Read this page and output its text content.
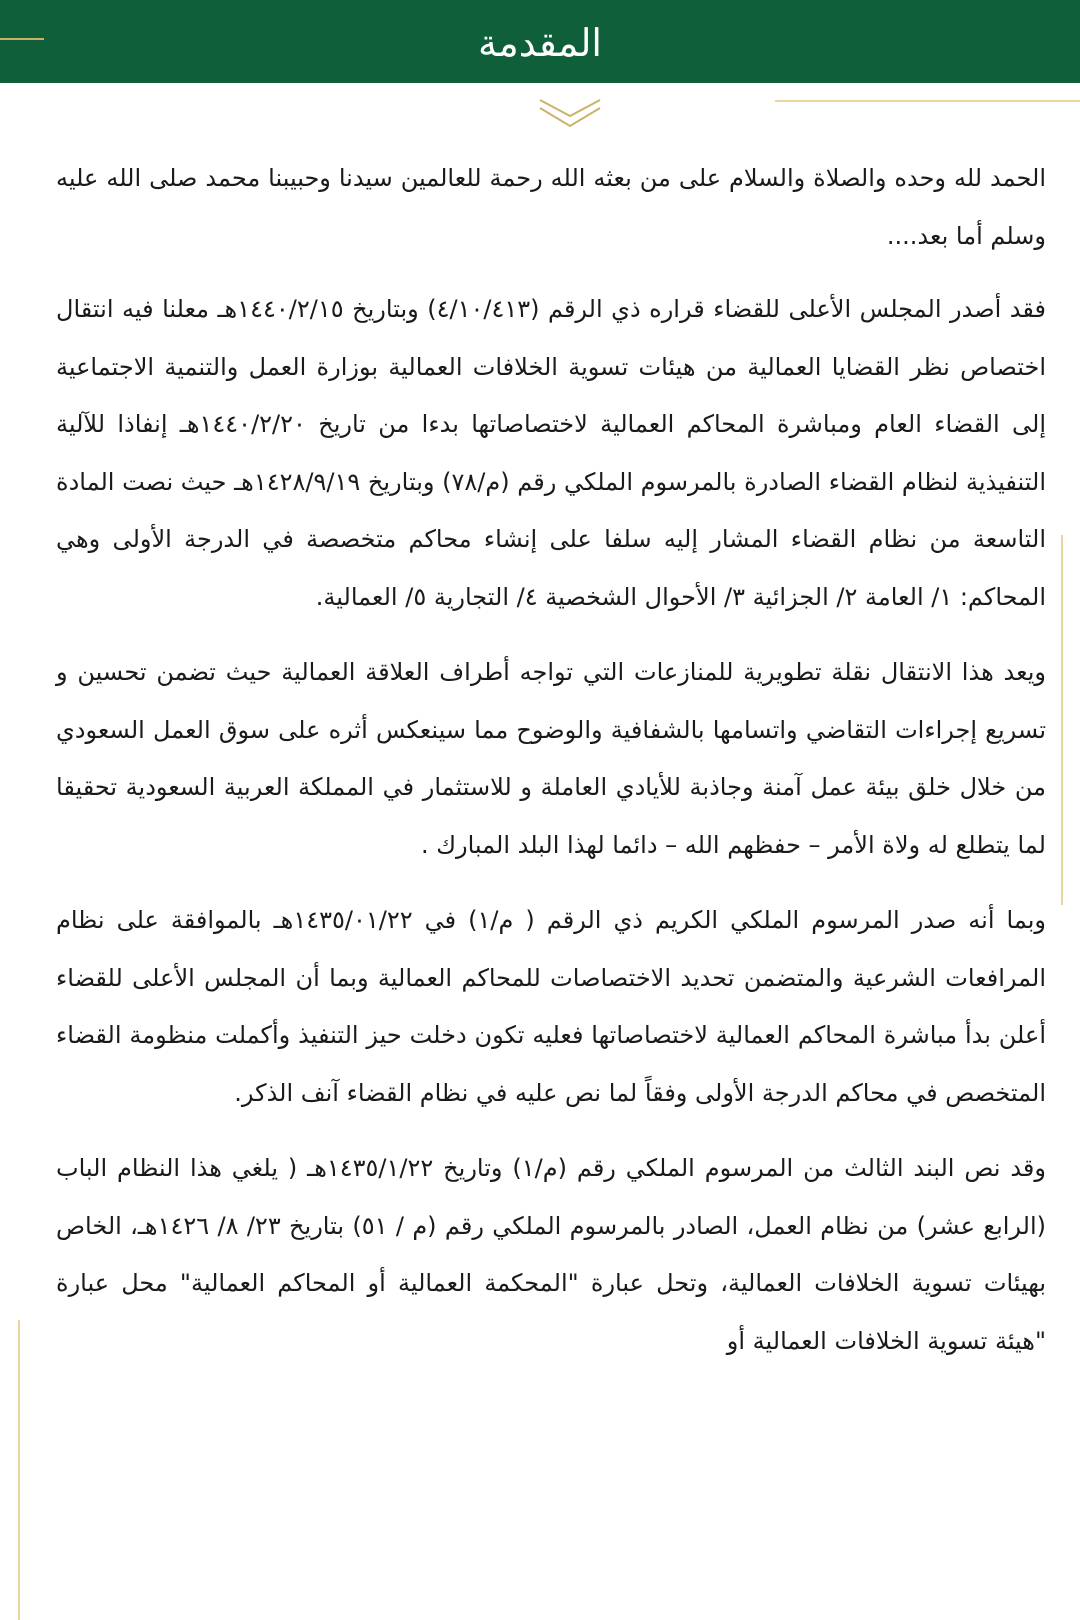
المقدمة

الحمد لله وحده والصلاة والسلام على من بعثه الله رحمة للعالمين سيدنا وحبيبنا محمد صلى الله عليه وسلم أما بعد....

فقد أصدر المجلس الأعلى للقضاء قراره ذي الرقم (٤/١٠/٤١٣) وبتاريخ ١٤٤٠/٢/١٥هـ معلنا فيه انتقال اختصاص نظر القضايا العمالية من هيئات تسوية الخلافات العمالية بوزارة العمل والتنمية الاجتماعية إلى القضاء العام ومباشرة المحاكم العمالية لاختصاصاتها بدءا من تاريخ ١٤٤٠/٢/٢٠هـ إنفاذا للآلية التنفيذية لنظام القضاء الصادرة بالمرسوم الملكي رقم (م/٧٨) وبتاريخ ١٤٢٨/٩/١٩هـ حيث نصت المادة التاسعة من نظام القضاء المشار إليه سلفا على إنشاء محاكم متخصصة في الدرجة الأولى وهي المحاكم: ١/ العامة ٢/ الجزائية ٣/ الأحوال الشخصية ٤/ التجارية ٥/ العمالية.

ويعد هذا الانتقال نقلة تطويرية للمنازعات التي تواجه أطراف العلاقة العمالية حيث تضمن تحسين و تسريع إجراءات التقاضي واتسامها بالشفافية والوضوح مما سينعكس أثره على سوق العمل السعودي من خلال خلق بيئة عمل آمنة وجاذبة للأيادي العاملة و للاستثمار في المملكة العربية السعودية تحقيقا لما يتطلع له ولاة الأمر – حفظهم الله – دائما لهذا البلد المبارك .

وبما أنه صدر المرسوم الملكي الكريم ذي الرقم ( م/١) في ١٤٣٥/٠١/٢٢هـ بالموافقة على نظام المرافعات الشرعية والمتضمن تحديد الاختصاصات للمحاكم العمالية وبما أن المجلس الأعلى للقضاء أعلن بدأ مباشرة المحاكم العمالية لاختصاصاتها فعليه تكون دخلت حيز التنفيذ وأكملت منظومة القضاء المتخصص في محاكم الدرجة الأولى وفقاً لما نص عليه في نظام القضاء آنف الذكر.

وقد نص البند الثالث من المرسوم الملكي رقم (م/١) وتاريخ ١٤٣٥/١/٢٢هـ ( يلغي هذا النظام الباب (الرابع عشر) من نظام العمل، الصادر بالمرسوم الملكي رقم (م / ٥١) بتاريخ ٢٣/ ٨/ ١٤٢٦هـ، الخاص بهيئات تسوية الخلافات العمالية، وتحل عبارة "المحكمة العمالية أو المحاكم العمالية" محل عبارة "هيئة تسوية الخلافات العمالية أو
